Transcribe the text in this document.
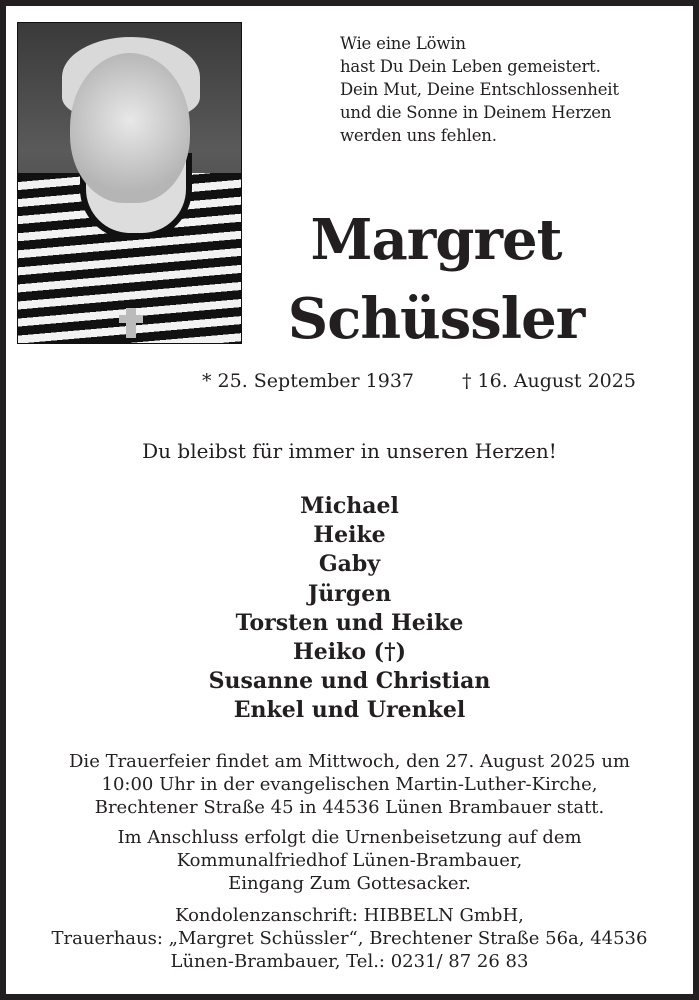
Wie eine Löwin
hast Du Dein Leben gemeistert.
Dein Mut, Deine Entschlossenheit
und die Sonne in Deinem Herzen
werden uns fehlen.
Margret
Schüssler
* 25. September 1937	† 16. August 2025
Du bleibst für immer in unseren Herzen!
Michael
Heike
Gaby
Jürgen
Torsten und Heike
Heiko (†)
Susanne und Christian
Enkel und Urenkel
Die Trauerfeier findet am Mittwoch, den 27. August 2025 um
10:00 Uhr in der evangelischen Martin-Luther-Kirche,
Brechtener Straße 45 in 44536 Lünen Brambauer statt.
Im Anschluss erfolgt die Urnenbeisetzung auf dem
Kommunalfriedhof Lünen-Brambauer,
Eingang Zum Gottesacker.
Kondolenzanschrift: HIBBELN GmbH,
Trauerhaus: „Margret Schüssler“, Brechtener Straße 56a, 44536
Lünen-Brambauer, Tel.: 0231/ 87 26 83
